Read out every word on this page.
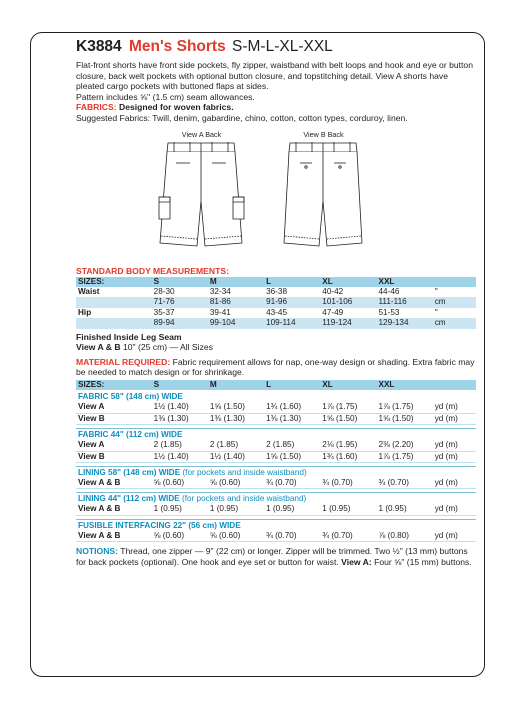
K3884 Men's Shorts S-M-L-XL-XXL
Flat-front shorts have front side pockets, fly zipper, waistband with belt loops and hook and eye or button closure, back welt pockets with optional button closure, and topstitching detail. View A shorts have pleated cargo pockets with buttoned flaps at sides.
Pattern includes ⅝" (1.5 cm) seam allowances.
FABRICS: Designed for woven fabrics.
Suggested Fabrics: Twill, denim, gabardine, chino, cotton, cotton types, corduroy, linen.
View A Back	View B Back
STANDARD BODY MEASUREMENTS:
SIZES:	S	M	L	XL	XXL	
Waist	28-30	32-34	36-38	40-42	44-46	"
	71-76	81-86	91-96	101-106	111-116	cm
Hip	35-37	39-41	43-45	47-49	51-53	"
	89-94	99-104	109-114	119-124	129-134	cm
Finished Inside Leg Seam
View A & B 10" (25 cm) — All Sizes
MATERIAL REQUIRED: Fabric requirement allows for nap, one-way design or shading. Extra fabric may be needed to match design or for shrinkage.
SIZES:	S	M	L	XL	XXL	
FABRIC 58" (148 cm) WIDE
View A	1½ (1.40)	1⅝ (1.50)	1¾ (1.60)	1⅞ (1.75)	1⅞ (1.75)	yd (m)
View B	1⅜ (1.30)	1⅜ (1.30)	1⅜ (1.30)	1⅝ (1.50)	1⅝ (1.50)	yd (m)
FABRIC 44" (112 cm) WIDE
View A	2 (1.85)	2 (1.85)	2 (1.85)	2⅛ (1.95)	2⅜ (2.20)	yd (m)
View B	1½ (1.40)	1½ (1.40)	1⅝ (1.50)	1¾ (1.60)	1⅞ (1.75)	yd (m)
LINING 58" (148 cm) WIDE (for pockets and inside waistband)
View A & B	⅝ (0.60)	⅝ (0.60)	¾ (0.70)	¾ (0.70)	¾ (0.70)	yd (m)
LINING 44" (112 cm) WIDE (for pockets and inside waistband)
View A & B	1 (0.95)	1 (0.95)	1 (0.95)	1 (0.95)	1 (0.95)	yd (m)
FUSIBLE INTERFACING 22" (56 cm) WIDE
View A & B	⅝ (0.60)	⅝ (0.60)	¾ (0.70)	¾ (0.70)	⅞ (0.80)	yd (m)
NOTIONS: Thread, one zipper — 9" (22 cm) or longer. Zipper will be trimmed. Two ½" (13 mm) buttons for back pockets (optional). One hook and eye set or button for waist. View A: Four ⅝" (15 mm) buttons.
